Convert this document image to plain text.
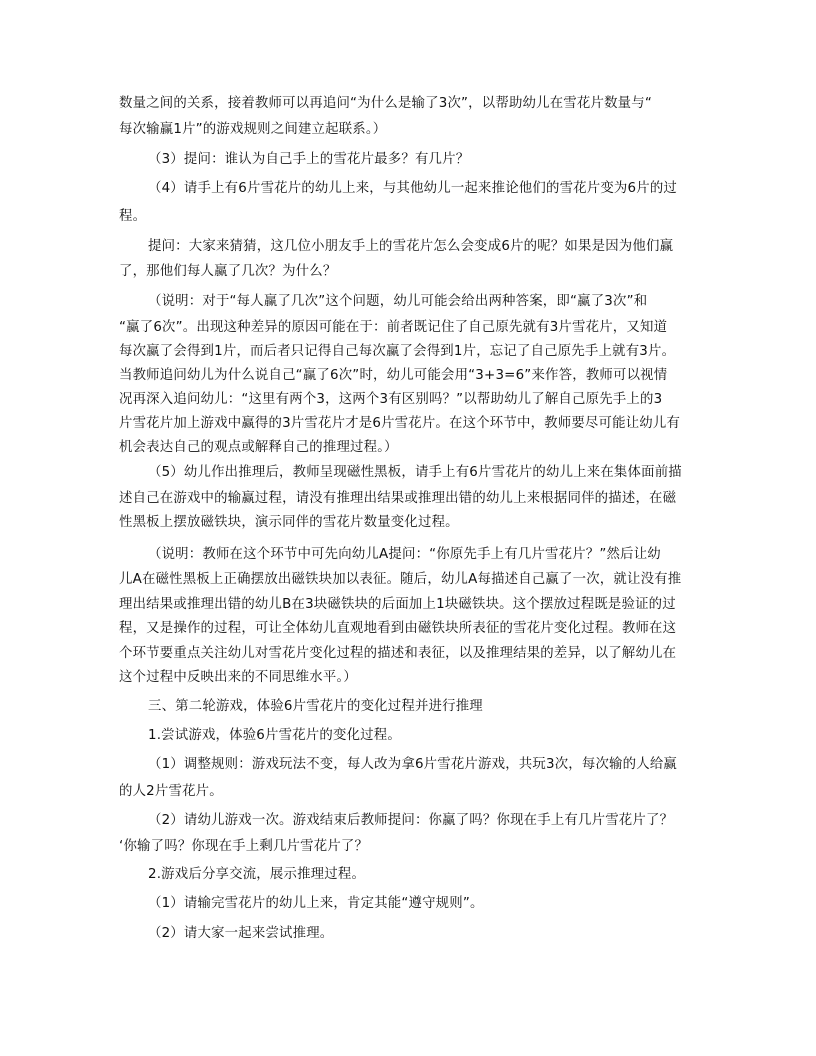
数量之间的关系，接着教师可以再追问“为什么是输了3次”，以帮助幼儿在雪花片数量与“
每次输赢1片”的游戏规则之间建立起联系。）
（3）提问：谁认为自己手上的雪花片最多？有几片？
（4）请手上有6片雪花片的幼儿上来，与其他幼儿一起来推论他们的雪花片变为6片的过
程。
提问：大家来猜猜，这几位小朋友手上的雪花片怎么会变成6片的呢？如果是因为他们赢
了，那他们每人赢了几次？为什么？
（说明：对于“每人赢了几次”这个问题，幼儿可能会给出两种答案，即“赢了3次”和
“赢了6次”。出现这种差异的原因可能在于：前者既记住了自己原先就有3片雪花片，又知道
每次赢了会得到1片，而后者只记得自己每次赢了会得到1片，忘记了自己原先手上就有3片。
当教师追问幼儿为什么说自己“赢了6次”时，幼儿可能会用“3+3=6”来作答，教师可以视情
况再深入追问幼儿：“这里有两个3，这两个3有区别吗？”以帮助幼儿了解自己原先手上的3
片雪花片加上游戏中赢得的3片雪花片才是6片雪花片。在这个环节中，教师要尽可能让幼儿有
机会表达自己的观点或解释自己的推理过程。）
（5）幼儿作出推理后，教师呈现磁性黑板，请手上有6片雪花片的幼儿上来在集体面前描
述自己在游戏中的输赢过程，请没有推理出结果或推理出错的幼儿上来根据同伴的描述，在磁
性黑板上摆放磁铁块，演示同伴的雪花片数量变化过程。
（说明：教师在这个环节中可先向幼儿A提问：“你原先手上有几片雪花片？”然后让幼
儿A在磁性黑板上正确摆放出磁铁块加以表征。随后，幼儿A每描述自己赢了一次，就让没有推
理出结果或推理出错的幼儿B在3块磁铁块的后面加上1块磁铁块。这个摆放过程既是验证的过
程，又是操作的过程，可让全体幼儿直观地看到由磁铁块所表征的雪花片变化过程。教师在这
个环节要重点关注幼儿对雪花片变化过程的描述和表征，以及推理结果的差异，以了解幼儿在
这个过程中反映出来的不同思维水平。）
三、第二轮游戏，体验6片雪花片的变化过程并进行推理
1.尝试游戏，体验6片雪花片的变化过程。
（1）调整规则：游戏玩法不变，每人改为拿6片雪花片游戏，共玩3次，每次输的人给赢
的人2片雪花片。
（2）请幼儿游戏一次。游戏结束后教师提问：你赢了吗？你现在手上有几片雪花片了？
‘你输了吗？你现在手上剩几片雪花片了？
2.游戏后分享交流，展示推理过程。
（1）请输完雪花片的幼儿上来，肯定其能“遵守规则”。
（2）请大家一起来尝试推理。
